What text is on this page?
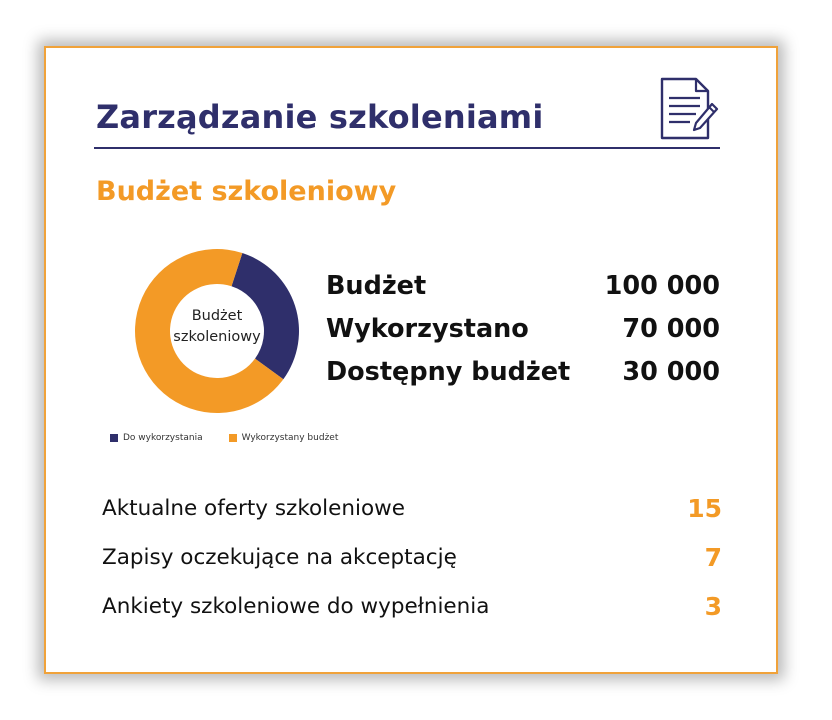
Zarządzanie szkoleniami
Budżet szkoleniowy
Budżet
szkoleniowy
Do wykorzystania	Wykorzystany budżet
Budżet	100 000
Wykorzystano	70 000
Dostępny budżet 30 000
Aktualne oferty szkoleniowe	15
Zapisy oczekujące na akceptację	7
Ankiety szkoleniowe do wypełnienia	3
